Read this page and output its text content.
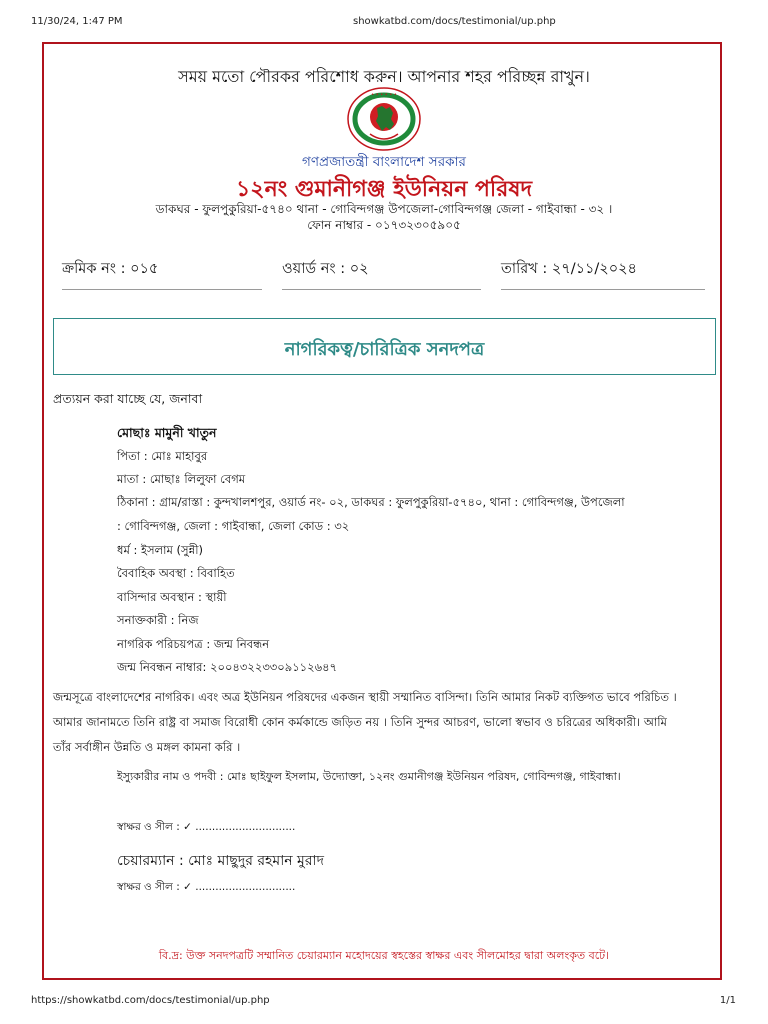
11/30/24, 1:47 PM	showkatbd.com/docs/testimonial/up.php
সময় মতো পৌরকর পরিশোধ করুন। আপনার শহর পরিচ্ছন্ন রাখুন।
• • • • • •
গণপ্রজাতন্ত্রী বাংলাদেশ সরকার
১২নং গুমানীগঞ্জ ইউনিয়ন পরিষদ
ডাকঘর - ফুলপুকুরিয়া-৫৭৪০ থানা - গোবিন্দগঞ্জ উপজেলা-গোবিন্দগঞ্জ জেলা - গাইবান্ধা - ৩২ ।
ফোন নাম্বার - ০১৭৩২৩০৫৯০৫
ক্রমিক নং : ০১৫	ওয়ার্ড নং : ০২	তারিখ : ২৭/১১/২০২৪
নাগরিকত্ব/চারিত্রিক সনদপত্র
প্রত্যয়ন করা যাচ্ছে যে, জনাবা
মোছাঃ মামুনী খাতুন
পিতা : মোঃ মাহাবুর
মাতা : মোছাঃ লিলুফা বেগম
ঠিকানা : গ্রাম/রাস্তা : কুন্দখালশপুর, ওয়ার্ড নং- ০২, ডাকঘর : ফুলপুকুরিয়া-৫৭৪০, থানা : গোবিন্দগঞ্জ, উপজেলা
: গোবিন্দগঞ্জ, জেলা : গাইবান্ধা, জেলা কোড : ৩২
ধর্ম : ইসলাম (সুন্নী)
বৈবাহিক অবস্থা : বিবাহিত
বাসিন্দার অবস্থান : স্থায়ী
সনাক্তকারী : নিজ
নাগরিক পরিচয়পত্র : জন্ম নিবন্ধন
জন্ম নিবন্ধন নাম্বার: ২০০৪৩২২৩৩০৯১১২৬৪৭
জন্মসূত্রে বাংলাদেশের নাগরিক। এবং অত্র ইউনিয়ন পরিষদের একজন স্থায়ী সম্মানিত বাসিন্দা। তিনি আমার নিকট ব্যক্তিগত ভাবে পরিচিত ।
আমার জানামতে তিনি রাষ্ট্র বা সমাজ বিরোধী কোন কর্মকান্ডে জড়িত নয় । তিনি সুন্দর আচরণ, ভালো স্বভাব ও চরিত্রের অধিকারী। আমি
তাঁর সর্বাঙ্গীন উন্নতি ও মঙ্গল কামনা করি ।
ইস্যুকারীর নাম ও পদবী : মোঃ ছাইফুল ইসলাম, উদ্যোক্তা, ১২নং গুমানীগঞ্জ ইউনিয়ন পরিষদ, গোবিন্দগঞ্জ, গাইবান্ধা।
স্বাক্ষর ও সীল : ✓ ..............................
চেয়ারম্যান : মোঃ মাছুদুর রহমান মুরাদ
স্বাক্ষর ও সীল : ✓ ..............................
বি.দ্র: উক্ত সনদপত্রটি সম্মানিত চেয়ারম্যান মহোদয়ের স্বহস্তের স্বাক্ষর এবং সীলমোহর দ্বারা অলংকৃত বটে।
https://showkatbd.com/docs/testimonial/up.php	1/1
